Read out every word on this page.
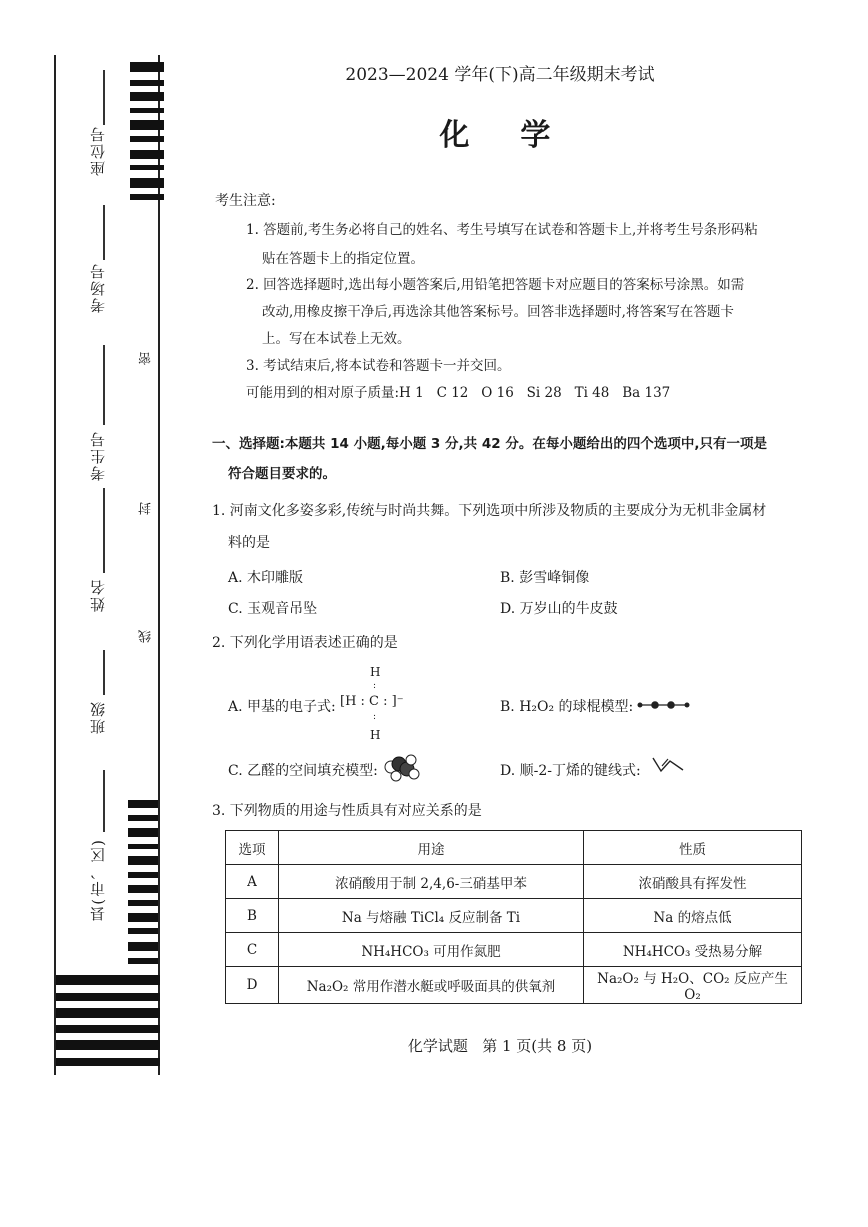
座位号
考场号
考生号
姓名
班级
县(市、区)
密
封
线
2023—2024 学年(下)高二年级期末考试
化  学
考生注意:
1. 答题前,考生务必将自己的姓名、考生号填写在试卷和答题卡上,并将考生号条形码粘
贴在答题卡上的指定位置。
2. 回答选择题时,选出每小题答案后,用铅笔把答题卡对应题目的答案标号涂黑。如需
改动,用橡皮擦干净后,再选涂其他答案标号。回答非选择题时,将答案写在答题卡
上。写在本试卷上无效。
3. 考试结束后,将本试卷和答题卡一并交回。
可能用到的相对原子质量:H 1   C 12   O 16   Si 28   Ti 48   Ba 137
一、选择题:本题共 14 小题,每小题 3 分,共 42 分。在每小题给出的四个选项中,只有一项是
符合题目要求的。
1. 河南文化多姿多彩,传统与时尚共舞。下列选项中所涉及物质的主要成分为无机非金属材
料的是
A. 木印雕版	B. 彭雪峰铜像
C. 玉观音吊坠	D. 万岁山的牛皮鼓
2. 下列化学用语表述正确的是
A. 甲基的电子式:
H
:
[H : C : ]⁻
:
H
B. H₂O₂ 的球棍模型:
C. 乙醛的空间填充模型:	D. 顺-2-丁烯的键线式:
3. 下列物质的用途与性质具有对应关系的是
选项	用途	性质
A	浓硝酸用于制 2,4,6-三硝基甲苯	浓硝酸具有挥发性
B	Na 与熔融 TiCl₄ 反应制备 Ti	Na 的熔点低
C	NH₄HCO₃ 可用作氮肥	NH₄HCO₃ 受热易分解
D	Na₂O₂ 常用作潜水艇或呼吸面具的供氧剂	Na₂O₂ 与 H₂O、CO₂ 反应产生 O₂
化学试题   第 1 页(共 8 页)
